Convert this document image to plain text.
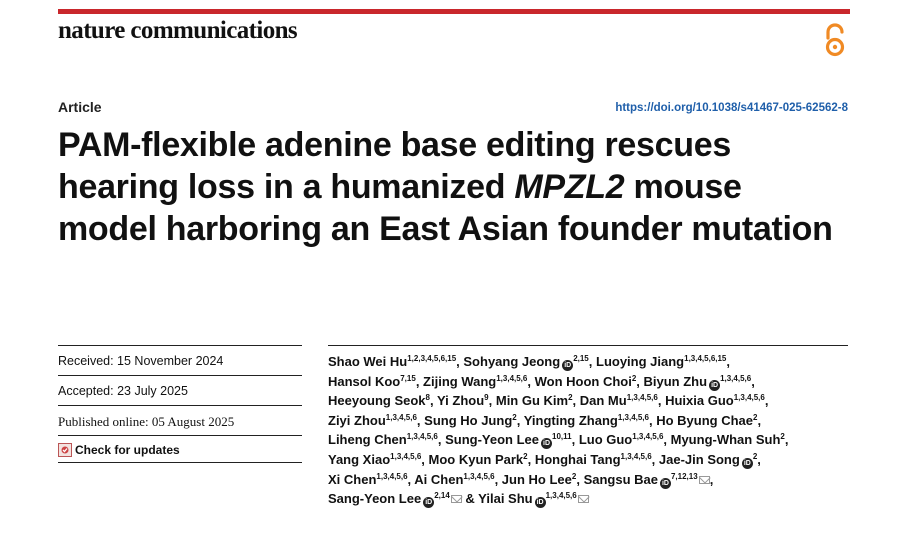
nature communications
Article	https://doi.org/10.1038/s41467-025-62562-8
PAM-flexible adenine base editing rescues hearing loss in a humanized MPZL2 mouse model harboring an East Asian founder mutation
Received: 15 November 2024
Accepted: 23 July 2025
Published online: 05 August 2025
Check for updates
Shao Wei Hu$^{1,2,3,4,5,6,15}$, Sohyang Jeong iD$^{2,15}$, Luoying Jiang$^{1,3,4,5,6,15}$,
Hansol Koo$^{7,15}$, Zijing Wang$^{1,3,4,5,6}$, Won Hoon Choi$^2$, Biyun Zhu iD$^{1,3,4,5,6}$,
Heeyoung Seok$^8$, Yi Zhou$^9$, Min Gu Kim$^2$, Dan Mu$^{1,3,4,5,6}$, Huixia Guo$^{1,3,4,5,6}$,
Ziyi Zhou$^{1,3,4,5,6}$, Sung Ho Jung$^2$, Yingting Zhang$^{1,3,4,5,6}$, Ho Byung Chae$^2$,
Liheng Chen$^{1,3,4,5,6}$, Sung-Yeon Lee iD$^{10,11}$, Luo Guo$^{1,3,4,5,6}$, Myung-Whan Suh$^2$,
Yang Xiao$^{1,3,4,5,6}$, Moo Kyun Park$^2$, Honghai Tang$^{1,3,4,5,6}$, Jae-Jin Song $iD^2$,
Xi Chen$^{1,3,4,5,6}$, Ai Chen$^{1,3,4,5,6}$, Jun Ho Lee$^2$, Sangsu Bae iD$^{7,12,13}$ ,
Sang-Yeon Lee iD$^{2,14}$ & Yilai Shu iD$^{1,3,4,5,6}$
